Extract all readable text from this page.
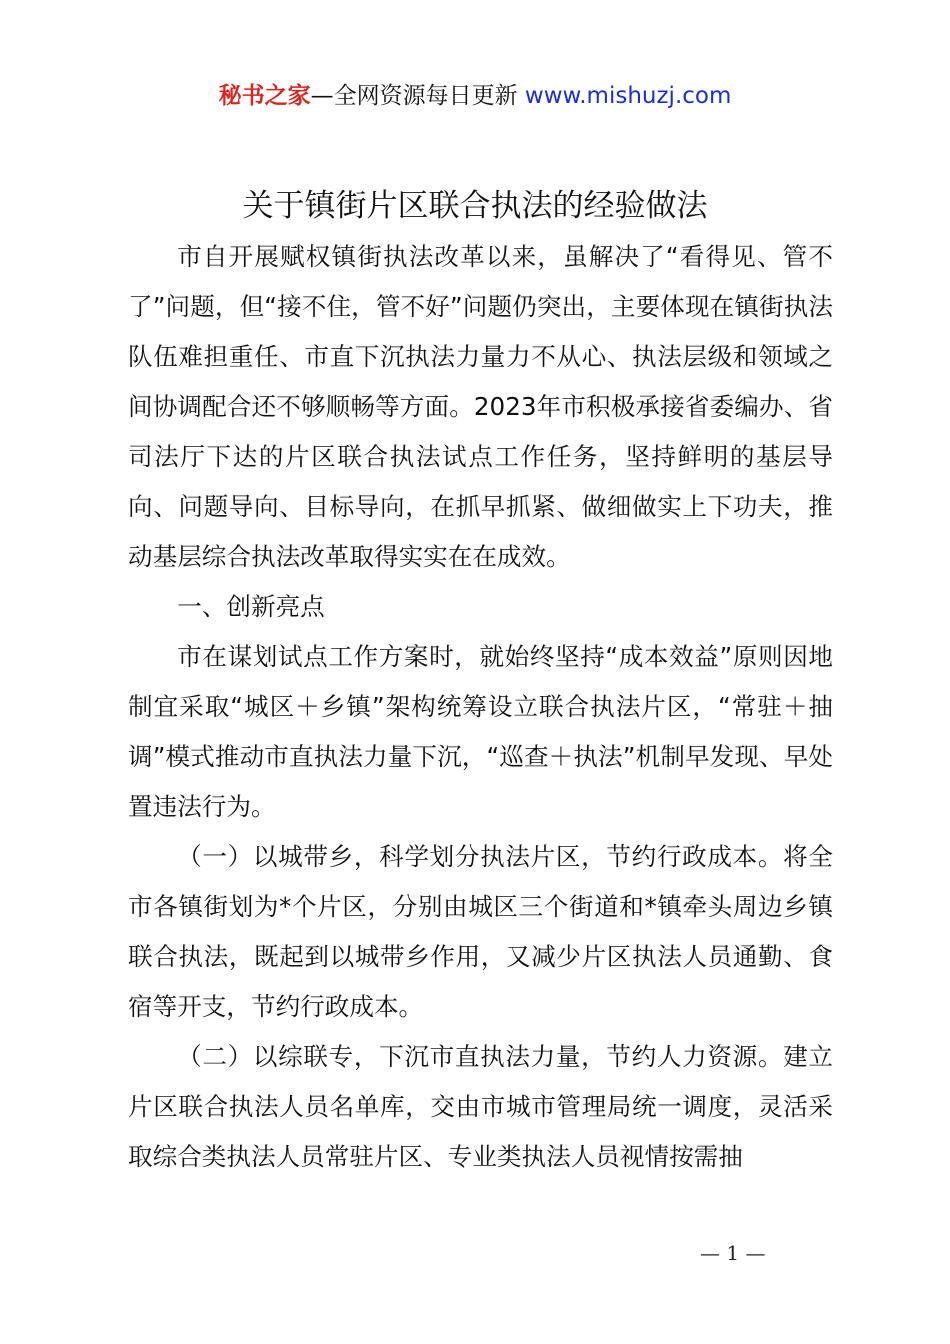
秘书之家—全网资源每日更新 www.mishuzj.com
关于镇街片区联合执法的经验做法

市自开展赋权镇街执法改革以来，虽解决了“看得见、管不了”问题，但“接不住，管不好”问题仍突出，主要体现在镇街执法队伍难担重任、市直下沉执法力量力不从心、执法层级和领域之间协调配合还不够顺畅等方面。2023年市积极承接省委编办、省司法厅下达的片区联合执法试点工作任务，坚持鲜明的基层导向、问题导向、目标导向，在抓早抓紧、做细做实上下功夫，推动基层综合执法改革取得实实在在成效。

一、创新亮点

市在谋划试点工作方案时，就始终坚持“成本效益”原则因地制宜采取“城区＋乡镇”架构统筹设立联合执法片区，“常驻＋抽调”模式推动市直执法力量下沉，“巡查＋执法”机制早发现、早处置违法行为。

（一）以城带乡，科学划分执法片区，节约行政成本。将全市各镇街划为*个片区，分别由城区三个街道和*镇牵头周边乡镇联合执法，既起到以城带乡作用，又减少片区执法人员通勤、食宿等开支，节约行政成本。

（二）以综联专，下沉市直执法力量，节约人力资源。建立片区联合执法人员名单库，交由市城市管理局统一调度，灵活采取综合类执法人员常驻片区、专业类执法人员视情按需抽

— 1 —
